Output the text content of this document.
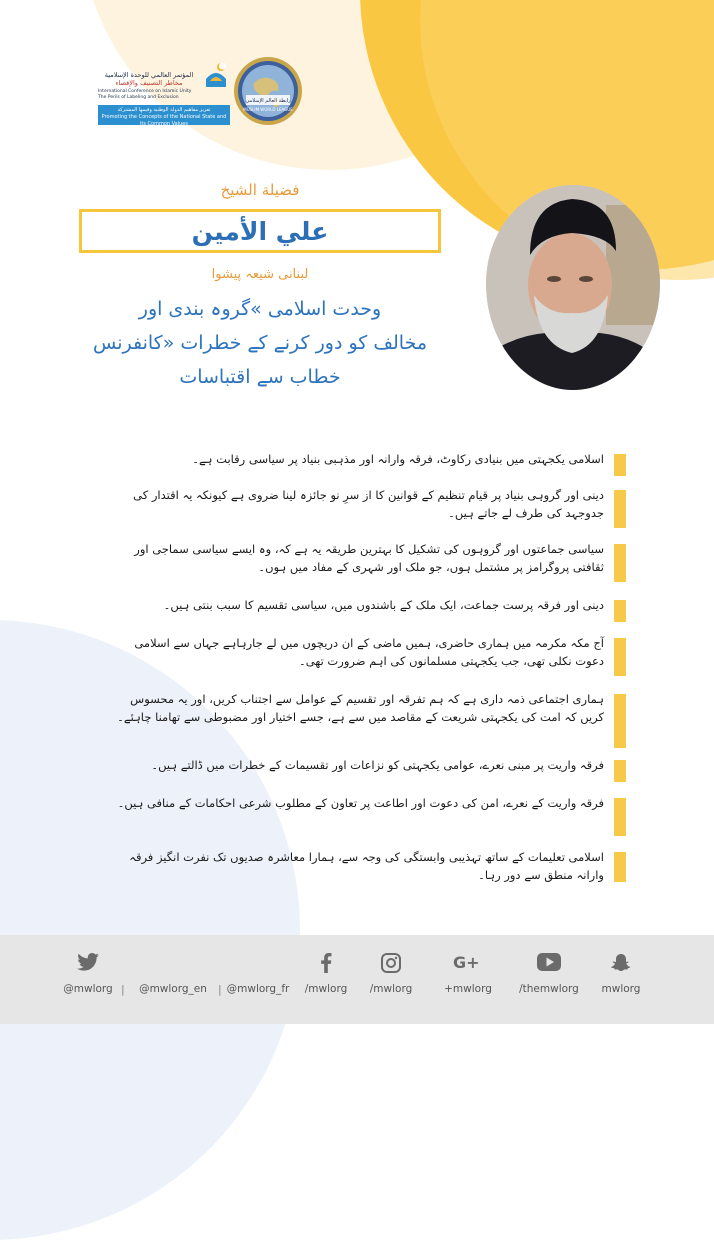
المؤتمر العالمي للوحدة الإسلامية
مخاطر التصنيف والإقصاء
International Conference on Islamic Unity
The Perils of Labeling and Exclusion
تعزيز مفاهيم الدولة الوطنية وقيمها المشتركة
Promoting the Concepts of the National State and its Common Values
رابطة العالم الإسلامي
MUSLIM WORLD LEAGUE
فضيلة الشيخ
علي الأمين
لبنانی شیعہ پیشوا
وحدت اسلامی »گروہ بندی اور
مخالف کو دور کرنے کے خطرات «کانفرنس
خطاب سے اقتباسات
اسلامی یکجہتی میں بنیادی رکاوٹ، فرقہ وارانہ اور مذہبی بنیاد پر سیاسی رقابت ہے۔
دینی اور گروہی بنیاد پر قیام تنظیم کے قوانین کا از سرِ نو جائزہ لینا ضروی ہے کیونکہ یہ اقتدار کی جدوجہد کی طرف لے جاتے ہیں۔
سیاسی جماعتوں اور گروہوں کی تشکیل کا بہترین طریقہ یہ ہے کہ، وہ ایسے سیاسی سماجی اور ثقافتی پروگرامز پر مشتمل ہوں، جو ملک اور شہری کے مفاد میں ہوں۔
دینی اور فرقہ پرست جماعت، ایک ملک کے باشندوں میں، سیاسی تقسیم کا سبب بنتی ہیں۔
آج مکہ مکرمہ میں ہماری حاضری، ہمیں ماضی کے ان دریچوں میں لے جارہاہے جہاں سے اسلامی دعوت نکلی تھی، جب یکجہتی مسلمانوں کی اہم ضرورت تھی۔
ہماری اجتماعی ذمہ داری ہے کہ ہم تفرقہ اور تقسیم کے عوامل سے اجتناب کریں، اور یہ محسوس کریں کہ امت کی یکجہتی شریعت کے مقاصد میں سے ہے، جسے اختیار اور مضبوطی سے تھامنا چاہئے۔
فرقہ واریت پر مبنی نعرے، عوامی یکجہتی کو نزاعات اور تقسیمات کے خطرات میں ڈالتے ہیں۔
فرقہ واریت کے نعرے، امن کی دعوت اور اطاعت پر تعاون کے مطلوب شرعی احکامات کے منافی ہیں۔
اسلامی تعلیمات کے ساتھ تہذیبی وابستگی کی وجہ سے، ہمارا معاشرہ صدیوں تک نفرت انگیز فرقہ وارانہ منطق سے دور رہا۔
@mwlorg |	@mwlorg_en	| @mwlorg_fr	/mwlorg	/mwlorg
G+
+mwlorg	/themwlorg	mwlorg
